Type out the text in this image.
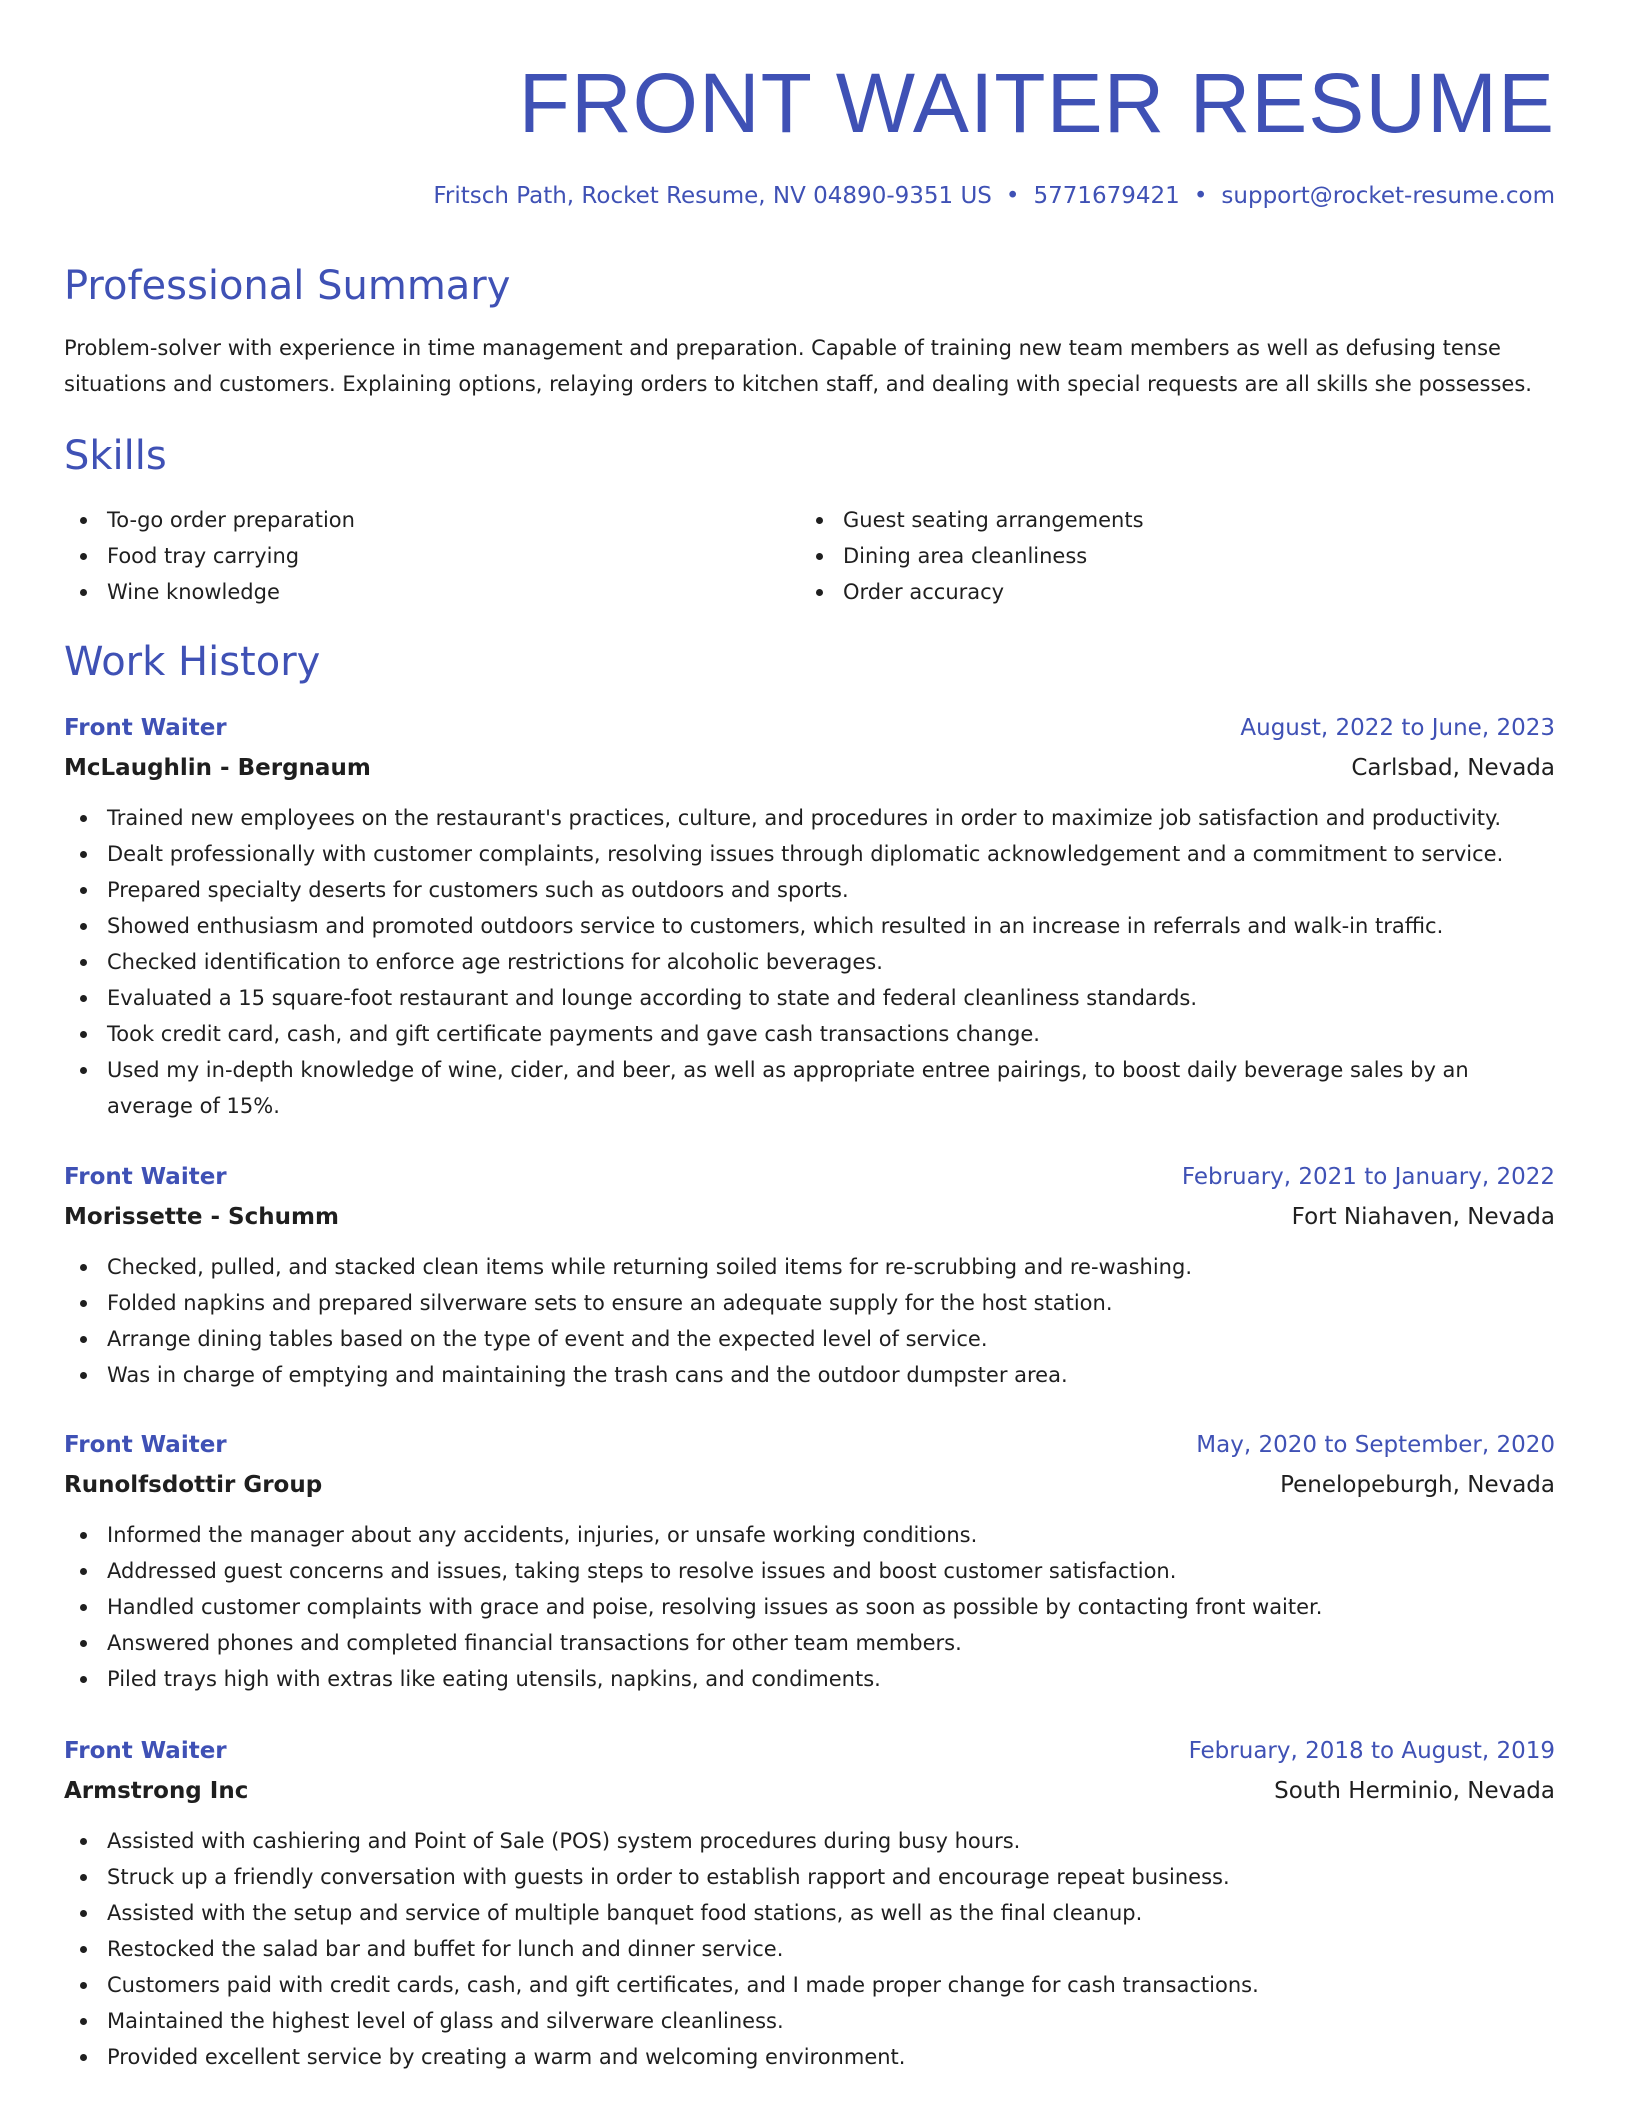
FRONT WAITER RESUME
Fritsch Path, Rocket Resume, NV 04890-9351 US • 5771679421 • support@rocket-resume.com
Professional Summary

Problem-solver with experience in time management and preparation. Capable of training new team members as well as defusing tense situations and customers. Explaining options, relaying orders to kitchen staff, and dealing with special requests are all skills she possesses.

Skills
To-go order preparation
Food tray carrying
Wine knowledge
Guest seating arrangements
Dining area cleanliness
Order accuracy
Work History
Front Waiter	August, 2022 to June, 2023
McLaughlin - Bergnaum	Carlsbad, Nevada
Trained new employees on the restaurant's practices, culture, and procedures in order to maximize job satisfaction and productivity.
Dealt professionally with customer complaints, resolving issues through diplomatic acknowledgement and a commitment to service.
Prepared specialty deserts for customers such as outdoors and sports.
Showed enthusiasm and promoted outdoors service to customers, which resulted in an increase in referrals and walk-in traffic.
Checked identification to enforce age restrictions for alcoholic beverages.
Evaluated a 15 square-foot restaurant and lounge according to state and federal cleanliness standards.
Took credit card, cash, and gift certificate payments and gave cash transactions change.
Used my in-depth knowledge of wine, cider, and beer, as well as appropriate entree pairings, to boost daily beverage sales by an average of 15%.
Front Waiter	February, 2021 to January, 2022
Morissette - Schumm	Fort Niahaven, Nevada
Checked, pulled, and stacked clean items while returning soiled items for re-scrubbing and re-washing.
Folded napkins and prepared silverware sets to ensure an adequate supply for the host station.
Arrange dining tables based on the type of event and the expected level of service.
Was in charge of emptying and maintaining the trash cans and the outdoor dumpster area.
Front Waiter	May, 2020 to September, 2020
Runolfsdottir Group	Penelopeburgh, Nevada
Informed the manager about any accidents, injuries, or unsafe working conditions.
Addressed guest concerns and issues, taking steps to resolve issues and boost customer satisfaction.
Handled customer complaints with grace and poise, resolving issues as soon as possible by contacting front waiter.
Answered phones and completed financial transactions for other team members.
Piled trays high with extras like eating utensils, napkins, and condiments.
Front Waiter	February, 2018 to August, 2019
Armstrong Inc	South Herminio, Nevada
Assisted with cashiering and Point of Sale (POS) system procedures during busy hours.
Struck up a friendly conversation with guests in order to establish rapport and encourage repeat business.
Assisted with the setup and service of multiple banquet food stations, as well as the final cleanup.
Restocked the salad bar and buffet for lunch and dinner service.
Customers paid with credit cards, cash, and gift certificates, and I made proper change for cash transactions.
Maintained the highest level of glass and silverware cleanliness.
Provided excellent service by creating a warm and welcoming environment.
